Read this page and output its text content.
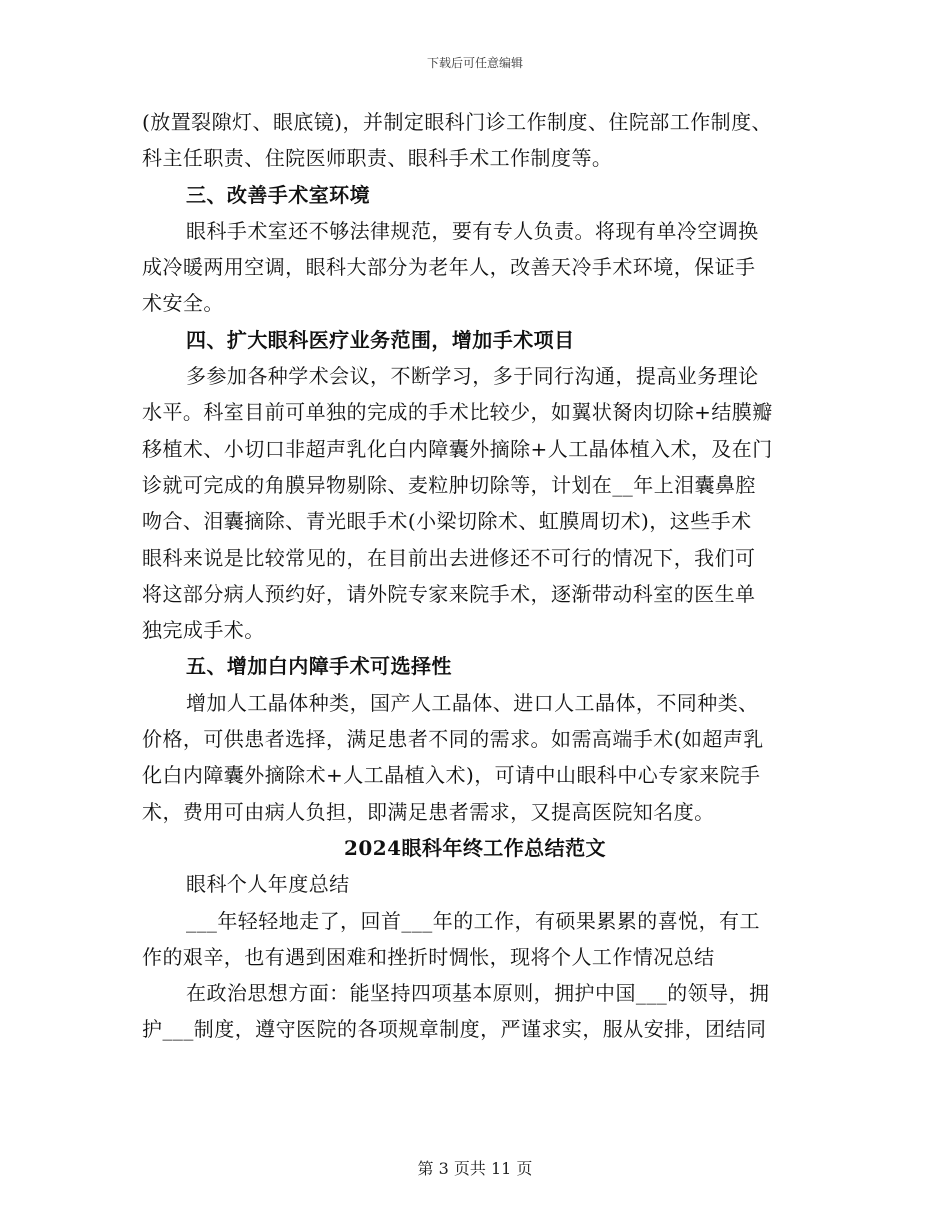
下载后可任意编辑
(放置裂隙灯、眼底镜)，并制定眼科门诊工作制度、住院部工作制度、
科主任职责、住院医师职责、眼科手术工作制度等。
三、改善手术室环境
眼科手术室还不够法律规范，要有专人负责。将现有单冷空调换
成冷暖两用空调，眼科大部分为老年人，改善天冷手术环境，保证手
术安全。
四、扩大眼科医疗业务范围，增加手术项目
多参加各种学术会议，不断学习，多于同行沟通，提高业务理论
水平。科室目前可单独的完成的手术比较少，如翼状胬肉切除+结膜瓣
移植术、小切口非超声乳化白内障囊外摘除+人工晶体植入术，及在门
诊就可完成的角膜异物剔除、麦粒肿切除等，计划在__年上泪囊鼻腔
吻合、泪囊摘除、青光眼手术(小梁切除术、虹膜周切术)，这些手术
眼科来说是比较常见的，在目前出去进修还不可行的情况下，我们可
将这部分病人预约好，请外院专家来院手术，逐渐带动科室的医生单
独完成手术。
五、增加白内障手术可选择性
增加人工晶体种类，国产人工晶体、进口人工晶体，不同种类、
价格，可供患者选择，满足患者不同的需求。如需高端手术(如超声乳
化白内障囊外摘除术+人工晶植入术)，可请中山眼科中心专家来院手
术，费用可由病人负担，即满足患者需求，又提高医院知名度。
2024眼科年终工作总结范文
眼科个人年度总结
___年轻轻地走了，回首___年的工作，有硕果累累的喜悦，有工
作的艰辛，也有遇到困难和挫折时惆怅，现将个人工作情况总结
在政治思想方面：能坚持四项基本原则，拥护中国___的领导，拥
护___制度，遵守医院的各项规章制度，严谨求实，服从安排，团结同
第 3 页共 11 页
